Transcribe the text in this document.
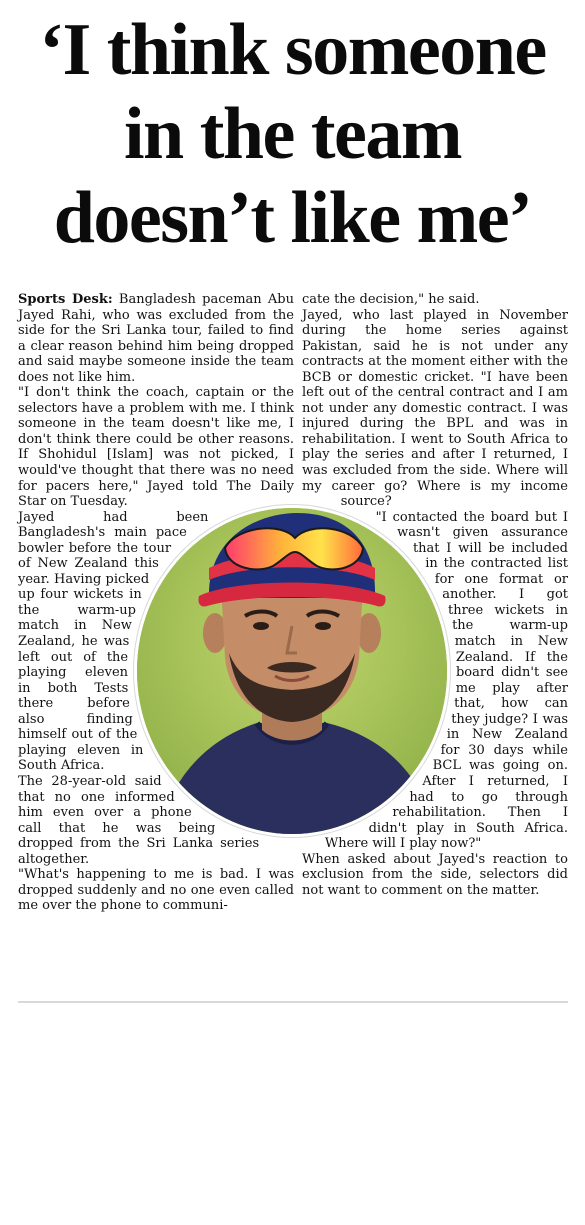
‘I think someone
in the team
doesn’t like me’

Sports Desk: Bangladesh paceman Abu Jayed Rahi, who was excluded from the side for the Sri Lanka tour, failed to find a clear reason behind him being dropped and said maybe someone inside the team does not like him.

"I don't think the coach, captain or the selectors have a problem with me. I think someone in the team doesn't like me, I don't think there could be other reasons. If Shohidul [Islam] was not picked, I would've thought that there was no need for pacers here," Jayed told The Daily Star on Tuesday.

Jayed had been Bangladesh's main pace bowler before the tour of New Zealand this year. Having picked up four wickets in the warm-up match in New Zealand, he was left out of the playing eleven in both Tests there before also finding himself out of the playing eleven in South Africa.

The 28-year-old said that no one informed him even over a phone call that he was being dropped from the Sri Lanka series altogether.

"What's happening to me is bad. I was dropped suddenly and no one even called me over the phone to communi-

cate the decision," he said.

Jayed, who last played in November during the home series against Pakistan, said he is not under any contracts at the moment either with the BCB or domestic cricket. "I have been left out of the central contract and I am not under any domestic contract. I was injured during the BPL and was in rehabilitation. I went to South Africa to play the series and after I returned, I was excluded from the side. Where will my career go? Where is my income source?

"I contacted the board but I wasn't given assurance that I will be included in the contracted list for one format or another. I got three wickets in the warm-up match in New Zealand. If the board didn't see me play after that, how can they judge? I was in New Zealand for 30 days while BCL was going on. After I returned, I had to go through rehabilitation. Then I didn't play in South Africa. Where will I play now?"

When asked about Jayed's reaction to exclusion from the side, selectors did not want to comment on the matter.
